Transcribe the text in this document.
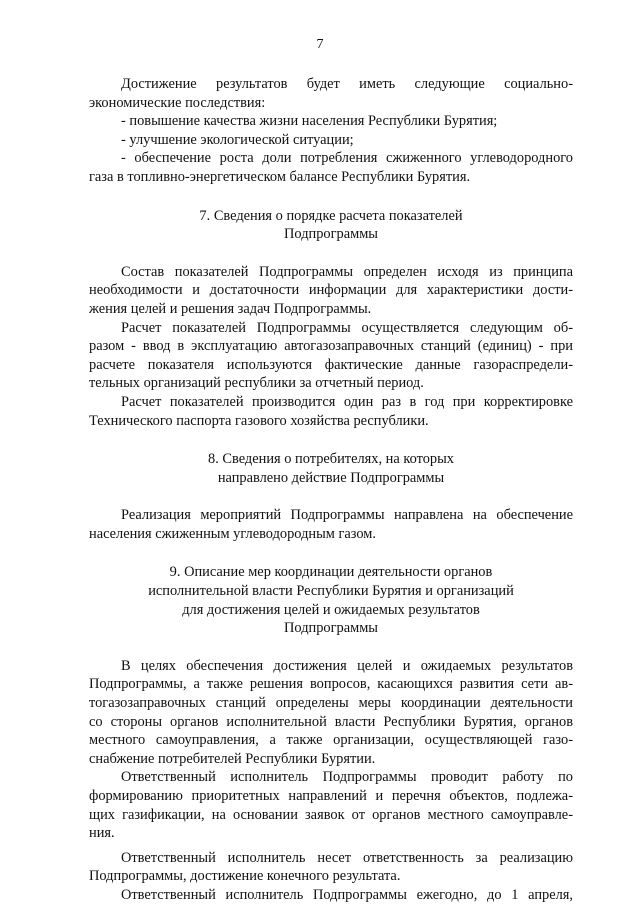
7
Достижение результатов будет иметь следующие социально-
экономические последствия:
- повышение качества жизни населения Республики Бурятия;
- улучшение экологической ситуации;
- обеспечение роста доли потребления сжиженного углеводородного
газа в топливно-энергетическом балансе Республики Бурятия.
7. Сведения о порядке расчета показателей
Подпрограммы
Состав показателей Подпрограммы определен исходя из принципа
необходимости и достаточности информации для характеристики дости-
жения целей и решения задач Подпрограммы.
Расчет показателей Подпрограммы осуществляется следующим об-
разом - ввод в эксплуатацию автогазозаправочных станций (единиц) - при
расчете показателя используются фактические данные газораспредели-
тельных организаций республики за отчетный период.
Расчет показателей производится один раз в год при корректировке
Технического паспорта газового хозяйства республики.
8. Сведения о потребителях, на которых
направлено действие Подпрограммы
Реализация мероприятий Подпрограммы направлена на обеспечение
населения сжиженным углеводородным газом.
9. Описание мер координации деятельности органов
исполнительной власти Республики Бурятия и организаций
для достижения целей и ожидаемых результатов
Подпрограммы
В целях обеспечения достижения целей и ожидаемых результатов
Подпрограммы, а также решения вопросов, касающихся развития сети ав-
тогазозаправочных станций определены меры координации деятельности
со стороны органов исполнительной власти Республики Бурятия, органов
местного самоуправления, а также организации, осуществляющей газо-
снабжение потребителей Республики Бурятии.
Ответственный исполнитель Подпрограммы проводит работу по
формированию приоритетных направлений и перечня объектов, подлежа-
щих газификации, на основании заявок от органов местного самоуправле-
ния.
Ответственный исполнитель несет ответственность за реализацию
Подпрограммы, достижение конечного результата.
Ответственный исполнитель Подпрограммы ежегодно, до 1 апреля,
